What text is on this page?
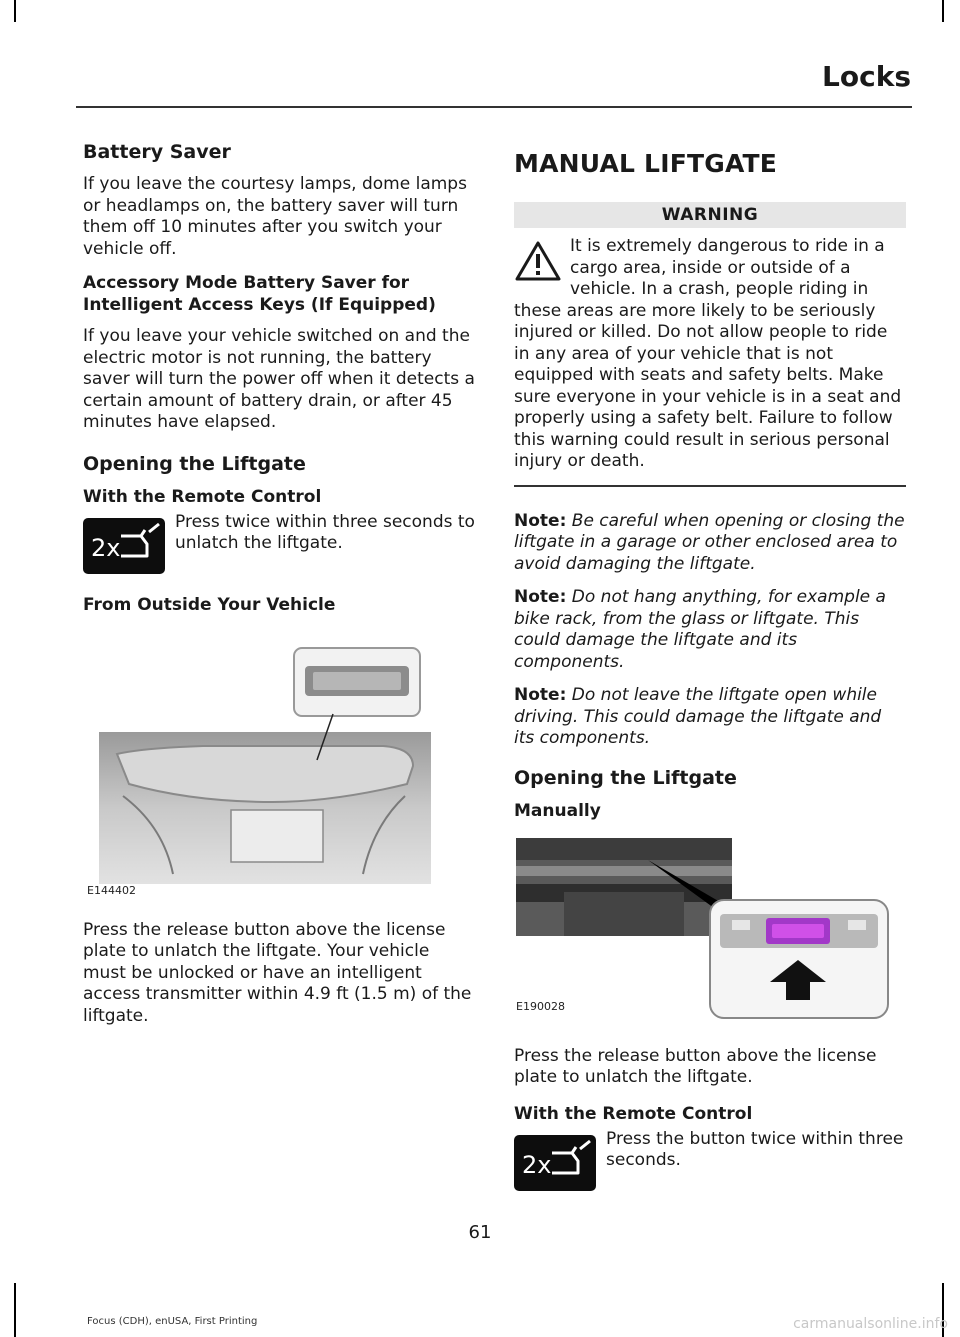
Locks
Battery Saver

If you leave the courtesy lamps, dome lamps or headlamps on, the battery saver will turn them off 10 minutes after you switch your vehicle off.

Accessory Mode Battery Saver for Intelligent Access Keys (If Equipped)

If you leave your vehicle switched on and the electric motor is not running, the battery saver will turn the power off when it detects a certain amount of battery drain, or after 45 minutes have elapsed.

Opening the Liftgate
With the Remote Control
2x

Press twice within three seconds to unlatch the liftgate.

From Outside Your Vehicle
E144402

Press the release button above the license plate to unlatch the liftgate. Your vehicle must be unlocked or have an intelligent access transmitter within 4.9 ft (1.5 m) of the liftgate.

MANUAL LIFTGATE
WARNING
It is extremely dangerous to ride in a cargo area, inside or outside of a vehicle. In a crash, people riding in these areas are more likely to be seriously injured or killed. Do not allow people to ride in any area of your vehicle that is not equipped with seats and safety belts. Make sure everyone in your vehicle is in a seat and properly using a safety belt. Failure to follow this warning could result in serious personal injury or death.

Note: Be careful when opening or closing the liftgate in a garage or other enclosed area to avoid damaging the liftgate.

Note: Do not hang anything, for example a bike rack, from the glass or liftgate. This could damage the liftgate and its components.

Note: Do not leave the liftgate open while driving. This could damage the liftgate and its components.

Opening the Liftgate
Manually
E190028

Press the release button above the license plate to unlatch the liftgate.

With the Remote Control
2x

Press the button twice within three seconds.

61
Focus (CDH), enUSA, First Printing	carmanualsonline.info
